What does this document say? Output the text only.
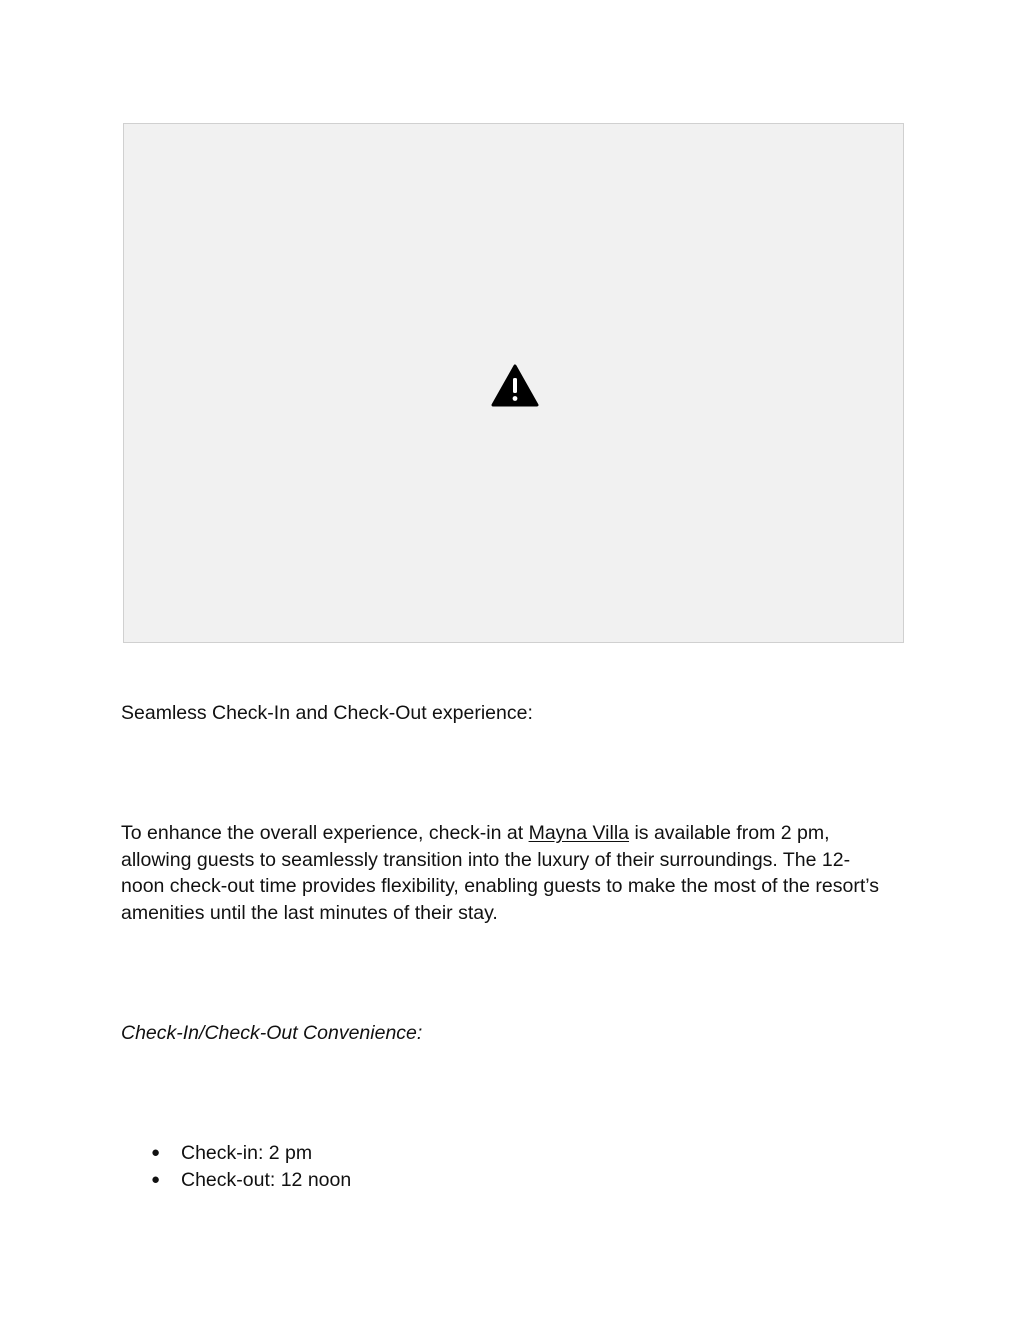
Seamless Check-In and Check-Out experience:

To enhance the overall experience, check-in at Mayna Villa is available from 2 pm, allowing guests to seamlessly transition into the luxury of their surroundings. The 12-noon check-out time provides flexibility, enabling guests to make the most of the resort’s amenities until the last minutes of their stay.

Check-In/Check-Out Convenience:

● Check-in: 2 pm
● Check-out: 12 noon
